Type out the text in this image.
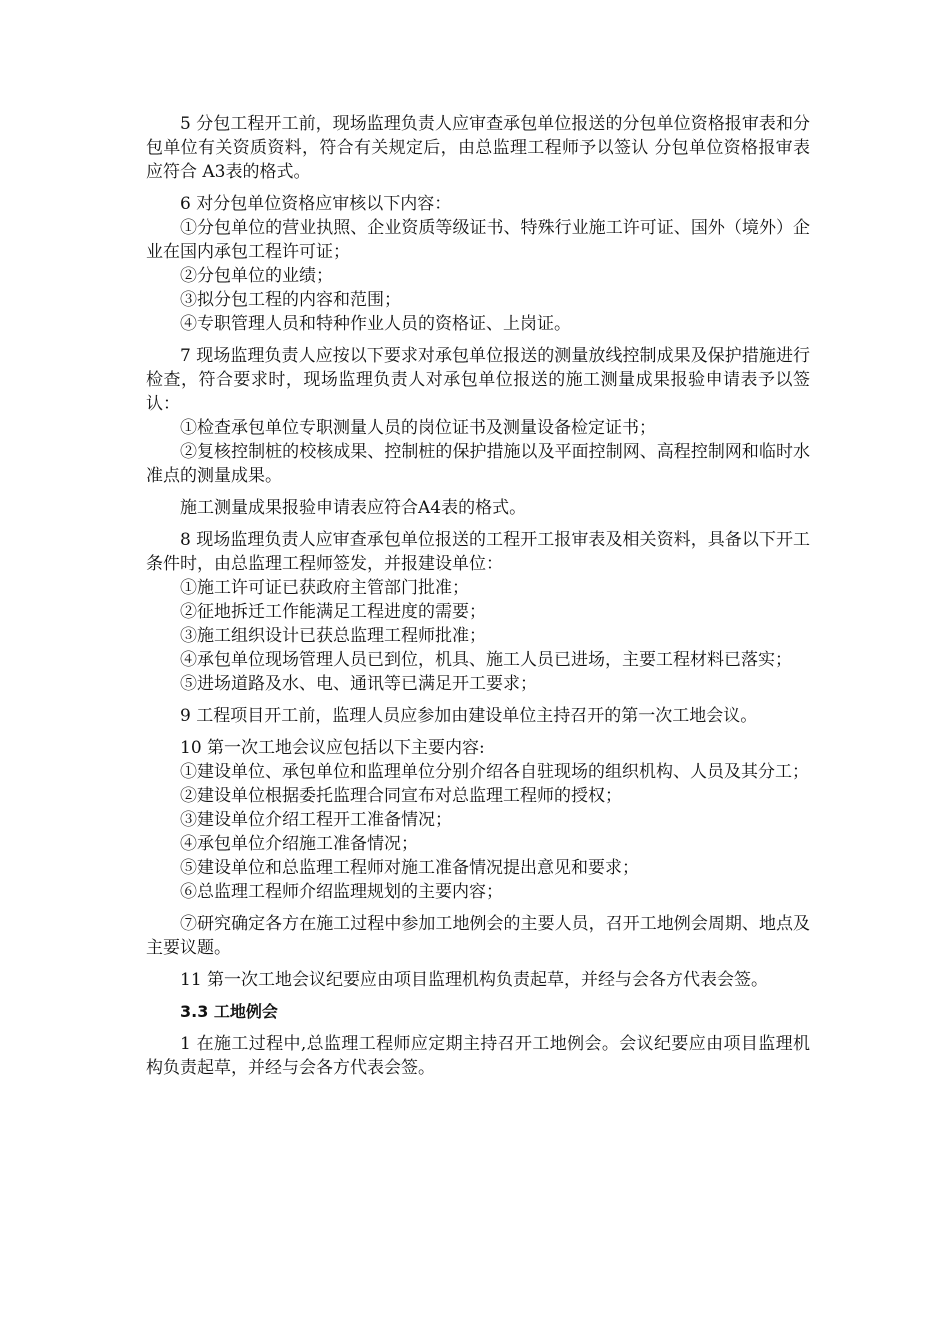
5 分包工程开工前，现场监理负责人应审查承包单位报送的分包单位资格报审表和分包单位有关资质资料，符合有关规定后，由总监理工程师予以签认 分包单位资格报审表应符合 A3表的格式。

6 对分包单位资格应审核以下内容：

①分包单位的营业执照、企业资质等级证书、特殊行业施工许可证、国外（境外）企业在国内承包工程许可证；

②分包单位的业绩；

③拟分包工程的内容和范围；

④专职管理人员和特种作业人员的资格证、上岗证。

7 现场监理负责人应按以下要求对承包单位报送的测量放线控制成果及保护措施进行检查，符合要求时，现场监理负责人对承包单位报送的施工测量成果报验申请表予以签认：

①检查承包单位专职测量人员的岗位证书及测量设备检定证书；

②复核控制桩的校核成果、控制桩的保护措施以及平面控制网、高程控制网和临时水准点的测量成果。

施工测量成果报验申请表应符合A4表的格式。

8 现场监理负责人应审查承包单位报送的工程开工报审表及相关资料，具备以下开工条件时，由总监理工程师签发，并报建设单位：

①施工许可证已获政府主管部门批准；

②征地拆迁工作能满足工程进度的需要；

③施工组织设计已获总监理工程师批准；

④承包单位现场管理人员已到位，机具、施工人员已进场，主要工程材料已落实；

⑤进场道路及水、电、通讯等已满足开工要求；

9 工程项目开工前，监理人员应参加由建设单位主持召开的第一次工地会议。

10 第一次工地会议应包括以下主要内容:

①建设单位、承包单位和监理单位分别介绍各自驻现场的组织机构、人员及其分工；

②建设单位根据委托监理合同宣布对总监理工程师的授权；

③建设单位介绍工程开工准备情况；

④承包单位介绍施工准备情况；

⑤建设单位和总监理工程师对施工准备情况提出意见和要求；

⑥总监理工程师介绍监理规划的主要内容；

⑦研究确定各方在施工过程中参加工地例会的主要人员，召开工地例会周期、地点及主要议题。

11 第一次工地会议纪要应由项目监理机构负责起草，并经与会各方代表会签。

3.3 工地例会

1 在施工过程中,总监理工程师应定期主持召开工地例会。会议纪要应由项目监理机构负责起草，并经与会各方代表会签。
